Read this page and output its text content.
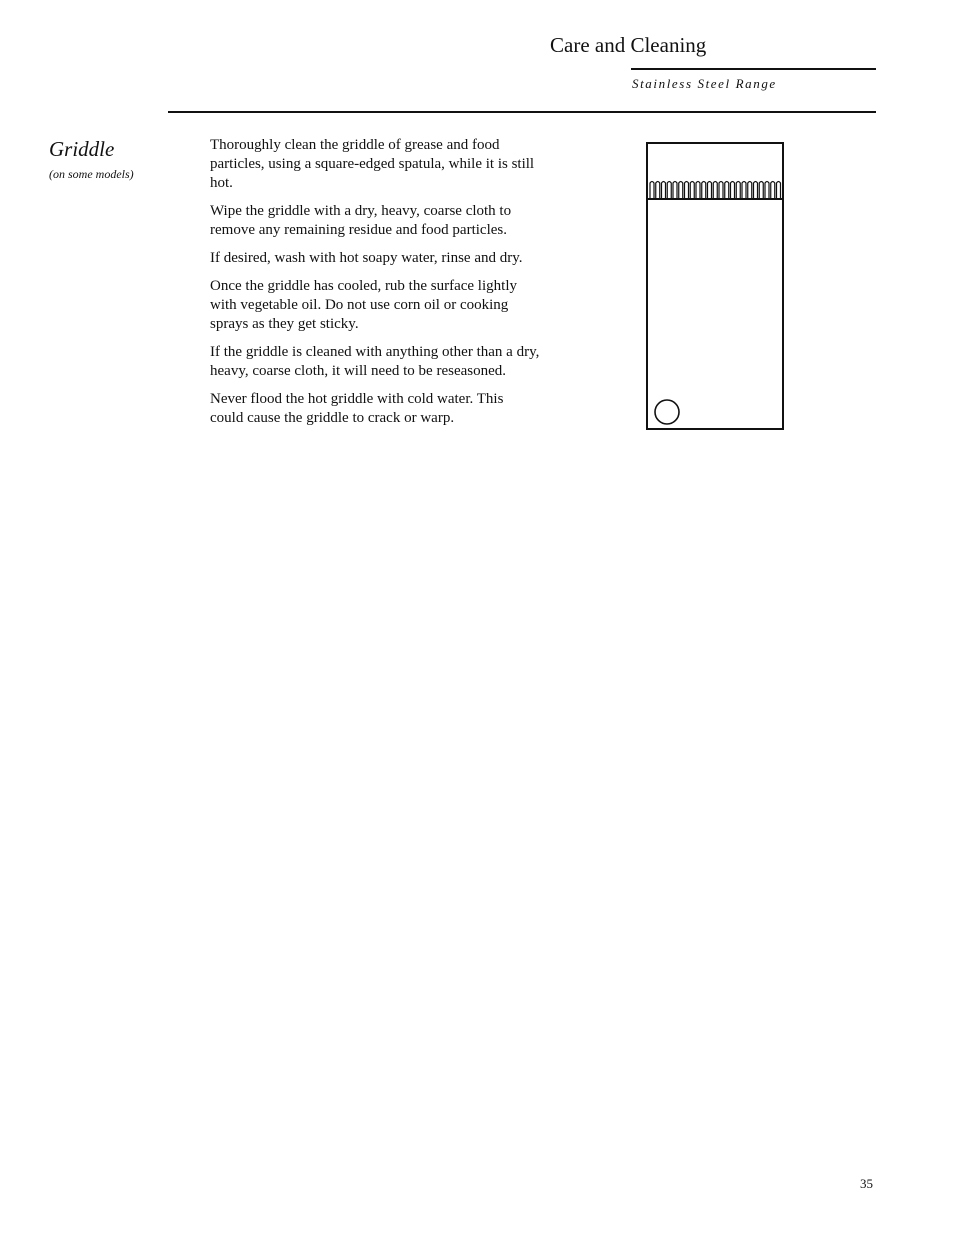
Care and Cleaning
Stainless Steel Range
Griddle
(on some models)

Thoroughly clean the griddle of grease and food particles, using a square-edged spatula, while it is still hot.

Wipe the griddle with a dry, heavy, coarse cloth to remove any remaining residue and food particles.

If desired, wash with hot soapy water, rinse and dry.

Once the griddle has cooled, rub the surface lightly with vegetable oil. Do not use corn oil or cooking sprays as they get sticky.

If the griddle is cleaned with anything other than a dry, heavy, coarse cloth, it will need to be reseasoned.

Never flood the hot griddle with cold water. This could cause the griddle to crack or warp.

35
